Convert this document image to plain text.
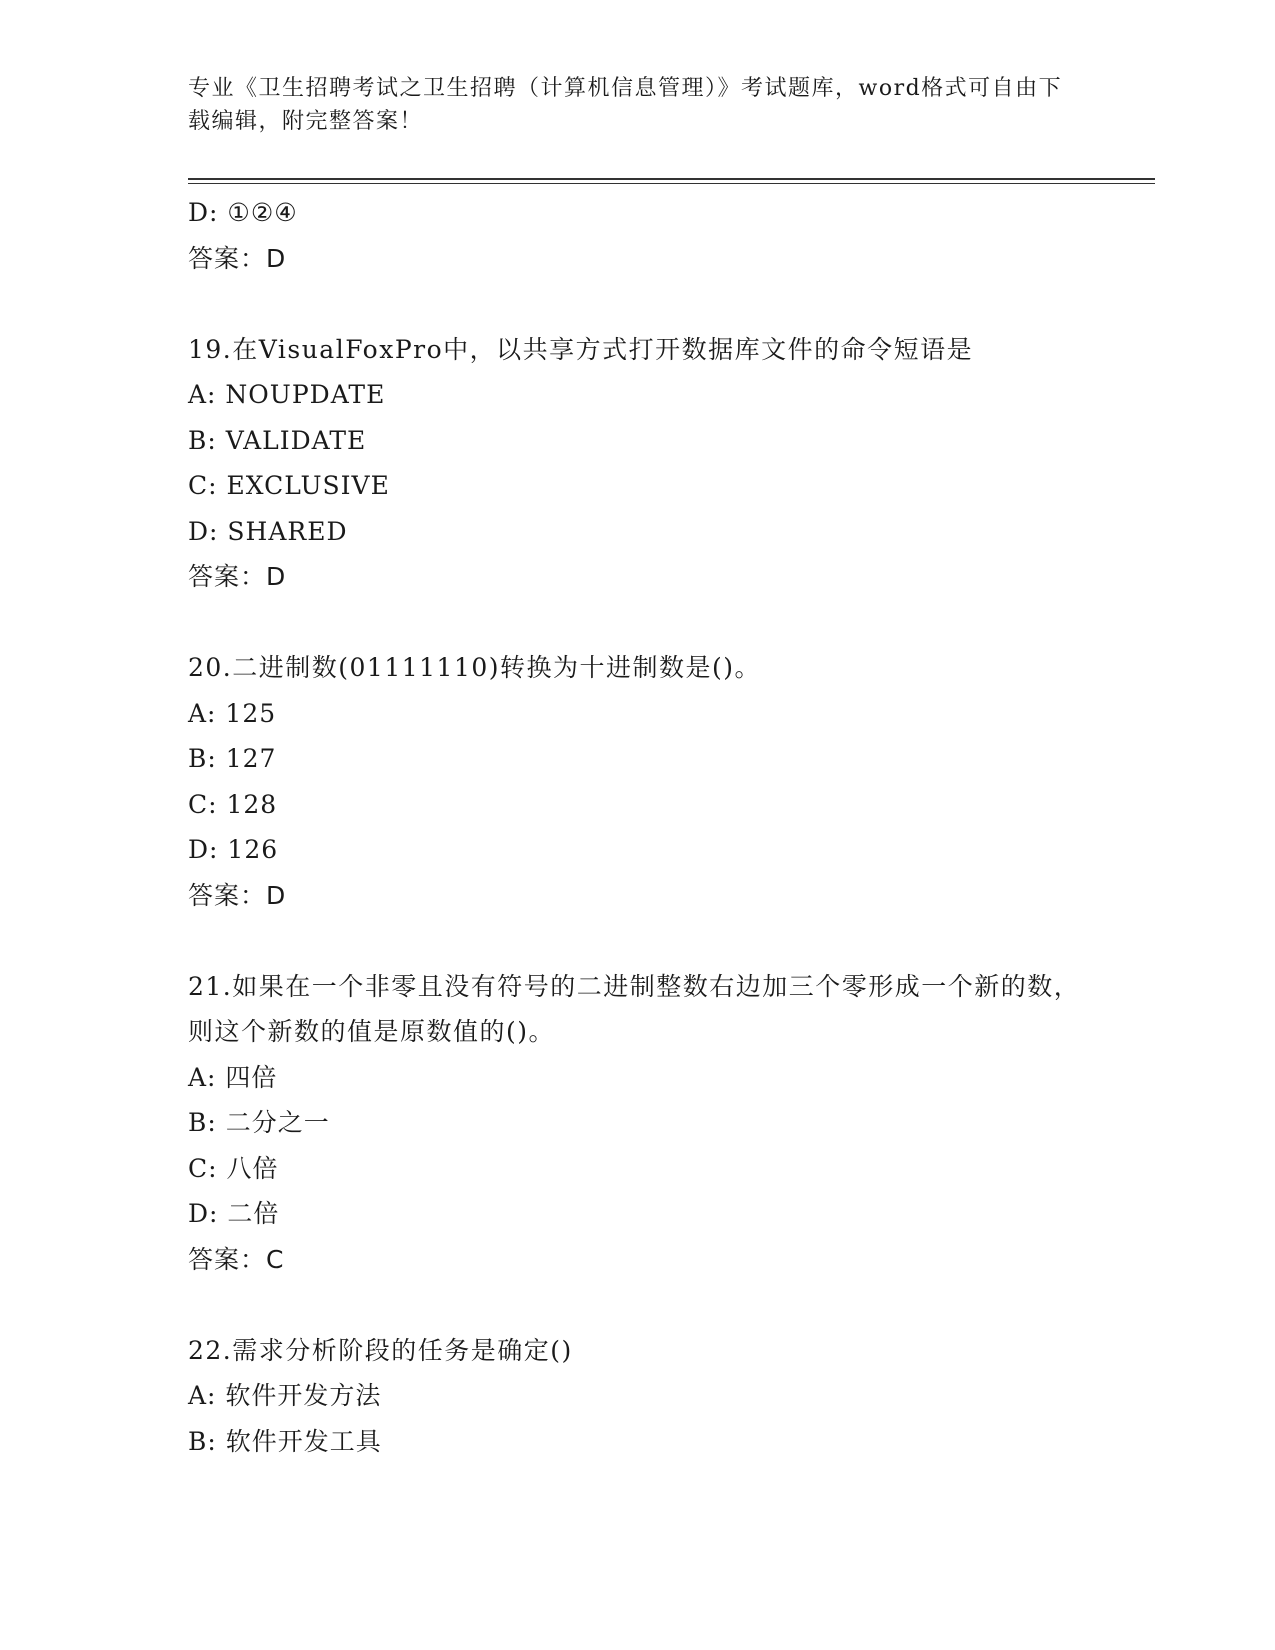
专业《卫生招聘考试之卫生招聘（计算机信息管理）》考试题库，word格式可自由下载编辑，附完整答案！
D: ①②④
答案：D
19.在VisualFoxPro中，以共享方式打开数据库文件的命令短语是
A: NOUPDATE
B: VALIDATE
C: EXCLUSIVE
D: SHARED
答案：D
20.二进制数(01111110)转换为十进制数是()。
A: 125
B: 127
C: 128
D: 126
答案：D
21.如果在一个非零且没有符号的二进制整数右边加三个零形成一个新的数，则这个新数的值是原数值的()。
A: 四倍
B: 二分之一
C: 八倍
D: 二倍
答案：C
22.需求分析阶段的任务是确定()
A: 软件开发方法
B: 软件开发工具
